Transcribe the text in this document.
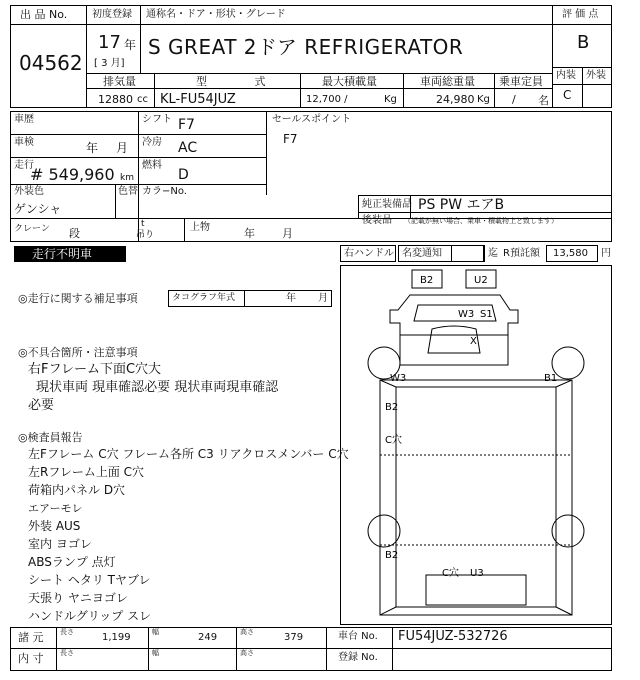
出 品 No.
04562
初度登録
17 年
[ 3 月]
通称名・ドア・形状・グレード
S GREAT 2ドア REFRIGERATOR
評 価 点
B
内装 外装
C
排気量
12880 cc
型 式
KL-FU54JUZ
最大積載量
12,700 /	Kg
車両総重量
24,980 Kg
乗車定員
/ 名
車歴
車検	年 月
走行
# 549,960 km
シフト F7
冷房 AC
燃料
D
外装色
ゲンシャ
色替 カラ−No.
セールスポイント
F7
純正装備品 PS PW エアB
後装品 （記載が無い場合、乗車・積載物上と致します）
クレーン 段
t
吊り
上物	年 月
走行不明車	右ハンドル 名変通知	迄 R預託額 13,580 円
◎走行に関する補足事項	タコグラフ年式	年 月
◎不具合箇所・注意事項
右Fフレーム下面C穴大
現状車両 現車確認必要 現状車両現車確認
必要
◎検査員報告
左Fフレーム C穴 フレーム各所 C3 リアクロスメンバー C穴
左Rフレーム上面 C穴
荷箱内パネル D穴
エアーモレ
外装 AUS
室内 ヨゴレ
ABSランプ 点灯
シート ヘタリ Tヤブレ
天張り ヤニヨゴレ
ハンドルグリップ スレ
B2	U2
W3 S1
X
W3	B1
B2
C穴
B2
C穴 U3
諸 元 長さ	1,199	幅	249	高さ	379
内 寸 長さ	幅	高さ
車台 No. FU54JUZ-532726
登録 No.
